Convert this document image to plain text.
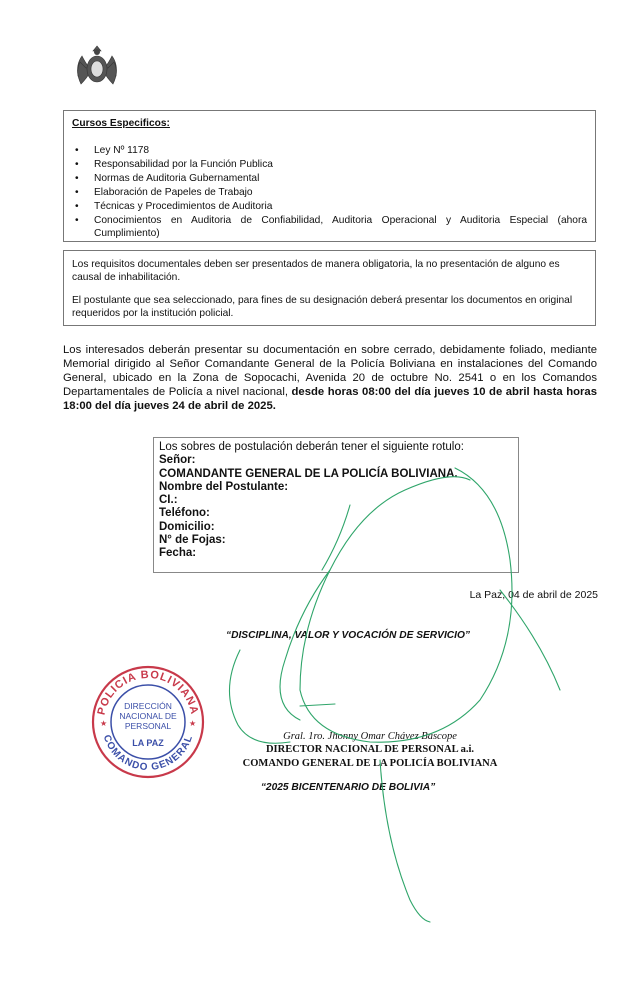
Cursos Especificos:
• Ley Nº 1178
• Responsabilidad por la Función Publica
• Normas de Auditoria Gubernamental
• Elaboración de Papeles de Trabajo
• Técnicas y Procedimientos de Auditoria
• Conocimientos en Auditoria de Confiabilidad, Auditoria Operacional y Auditoria Especial (ahora Cumplimiento)

Los requisitos documentales deben ser presentados de manera obligatoria, la no presentación de alguno es causal de inhabilitación.

El postulante que sea seleccionado, para fines de su designación deberá presentar los documentos en original requeridos por la institución policial.

Los interesados deberán presentar su documentación en sobre cerrado, debidamente foliado, mediante Memorial dirigido al Señor Comandante General de la Policía Boliviana en instalaciones del Comando General, ubicado en la Zona de Sopocachi, Avenida 20 de octubre No. 2541 o en los Comandos Departamentales de Policía a nivel nacional, desde horas 08:00 del día jueves 10 de abril hasta horas 18:00 del día jueves 24 de abril de 2025.
Los sobres de postulación deberán tener el siguiente rotulo:
Señor:
COMANDANTE GENERAL DE LA POLICÍA BOLIVIANA.
Nombre del Postulante:
CI.:
Teléfono:
Domicilio:
N° de Fojas:
Fecha:
La Paz, 04 de abril de 2025
“DISCIPLINA, VALOR Y VOCACIÓN DE SERVICIO”
POLICIA BOLIVIANA
COMANDO GENERAL
DIRECCIÓN
NACIONAL DE
PERSONAL
LA PAZ
★	★
Gral. 1ro. Jhonny Omar Chávez Bascope
DIRECTOR NACIONAL DE PERSONAL a.i.
COMANDO GENERAL DE LA POLICÍA BOLIVIANA
“2025 BICENTENARIO DE BOLIVIA”
